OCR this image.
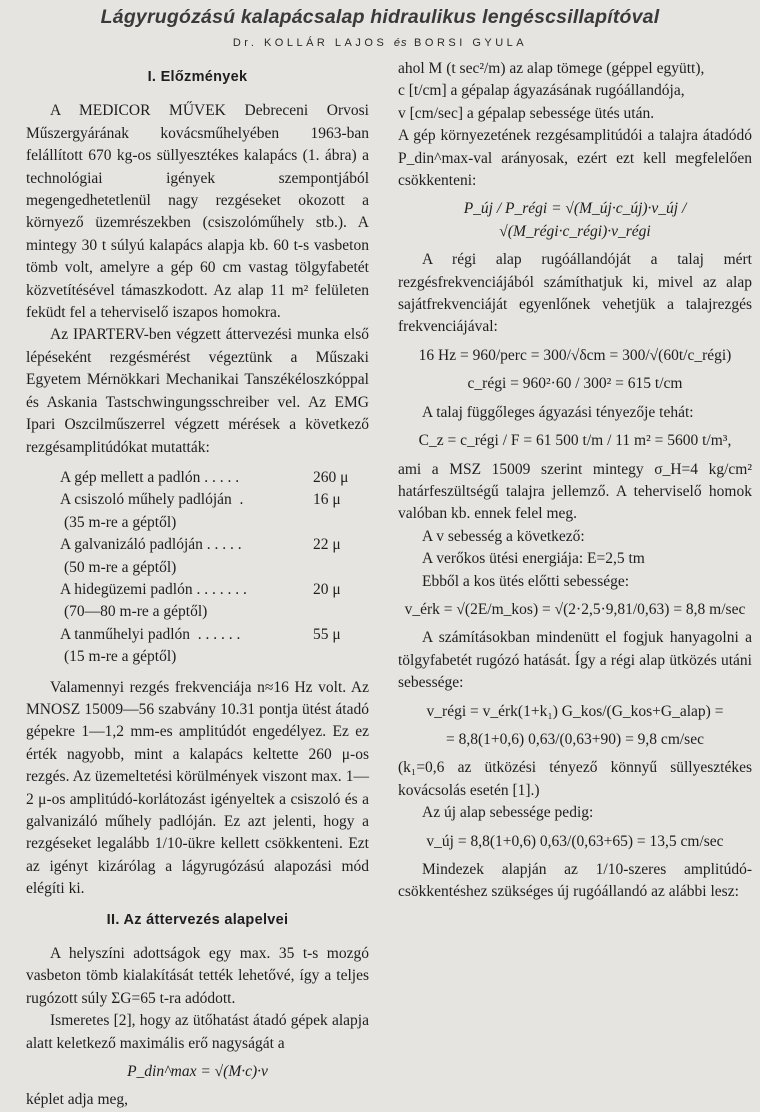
Lágyrugózású kalapácsalap hidraulikus lengéscsillapítóval
Dr. KOLLÁR LAJOS és BORSI GYULA
I. Előzmények

A MEDICOR MŰVEK Debreceni Orvosi Műszergyárának kovácsműhelyében 1963-ban felállított 670 kg-os süllyesztékes kalapács (1. ábra) a technológiai igények szempontjából megengedhetetlenül nagy rezgéseket okozott a környező üzemrészekben (csiszolóműhely stb.). A mintegy 30 t súlyú kalapács alapja kb. 60 t-s vasbeton tömb volt, amelyre a gép 60 cm vastag tölgyfabetét közvetítésével támaszkodott. Az alap 11 m² felületen feküdt fel a teherviselő iszapos homokra.

Az IPARTERV-ben végzett áttervezési munka első lépéseként rezgésmérést végeztünk a Műszaki Egyetem Mérnökkari Mechanikai Tanszékéloszkóppal és Askania Tastschwingungsschreiber vel. Az EMG Ipari Oszcilműszerrel végzett mérések a következő rezgésamplitúdókat mutatták:

A gép mellett a padlón . . . . .	260 μ
A csiszoló műhely padlóján  .	16 μ
(35 m-re a géptől)
A galvanizáló padlóján . . . . .	22 μ
(50 m-re a géptől)
A hidegüzemi padlón . . . . . . .	20 μ
(70—80 m-re a géptől)
A tanműhelyi padlón  . . . . . .	55 μ
(15 m-re a géptől)

Valamennyi rezgés frekvenciája n≈16 Hz volt. Az MNOSZ 15009—56 szabvány 10.31 pontja ütést átadó gépekre 1—1,2 mm-es amplitúdót engedélyez. Ez ez érték nagyobb, mint a kalapács keltette 260 μ-os rezgés. Az üzemeltetési körülmények viszont max. 1—2 μ-os amplitúdó-korlátozást igényeltek a csiszoló és a galvanizáló műhely padlóján. Ez azt jelenti, hogy a rezgéseket legalább 1/10-ükre kellett csökkenteni. Ezt az igényt kizárólag a lágyrugózású alapozási mód elégíti ki.

II. Az áttervezés alapelvei

A helyszíni adottságok egy max. 35 t-s mozgó vasbeton tömb kialakítását tették lehetővé, így a teljes rugózott súly ΣG=65 t-ra adódott.

Ismeretes [2], hogy az ütőhatást átadó gépek alapja alatt keletkező maximális erő nagyságát a

P_din^max = √(M·c)·v

képlet adja meg,

ahol M (t sec²/m) az alap tömege (géppel együtt),

c [t/cm] a gépalap ágyazásának rugóállandója,

v [cm/sec] a gépalap sebessége ütés után.

A gép környezetének rezgésamplitúdói a talajra átadódó P_din^max-val arányosak, ezért ezt kell megfelelően csökkenteni:

P_új / P_régi = √(M_új·c_új)·v_új / √(M_régi·c_régi)·v_régi

A régi alap rugóállandóját a talaj mért rezgésfrekvenciájából számíthatjuk ki, mivel az alap sajátfrekvenciáját egyenlőnek vehetjük a talajrezgés frekvenciájával:

16 Hz = 960/perc = 300/√δcm = 300/√(60t/c_régi)
c_régi = 960²·60 / 300² = 615 t/cm

A talaj függőleges ágyazási tényezője tehát:

C_z = c_régi / F = 61 500 t/m / 11 m² = 5600 t/m³,

ami a MSZ 15009 szerint mintegy σ_H=4 kg/cm² határfeszültségű talajra jellemző. A teherviselő homok valóban kb. ennek felel meg.

A v sebesség a következő:

A verőkos ütési energiája: E=2,5 tm

Ebből a kos ütés előtti sebessége:

v_érk = √(2E/m_kos) = √(2·2,5·9,81/0,63) = 8,8 m/sec

A számításokban mindenütt el fogjuk hanyagolni a tölgyfabetét rugózó hatását. Így a régi alap ütközés utáni sebessége:

v_régi = v_érk(1+k₁) G_kos/(G_kos+G_alap) =
= 8,8(1+0,6) 0,63/(0,63+90) = 9,8 cm/sec

(k₁=0,6 az ütközési tényező könnyű süllyesztékes kovácsolás esetén [1].)

Az új alap sebessége pedig:

v_új = 8,8(1+0,6) 0,63/(0,63+65) = 13,5 cm/sec

Mindezek alapján az 1/10-szeres amplitúdó-csökkentéshez szükséges új rugóállandó az alábbi lesz:
